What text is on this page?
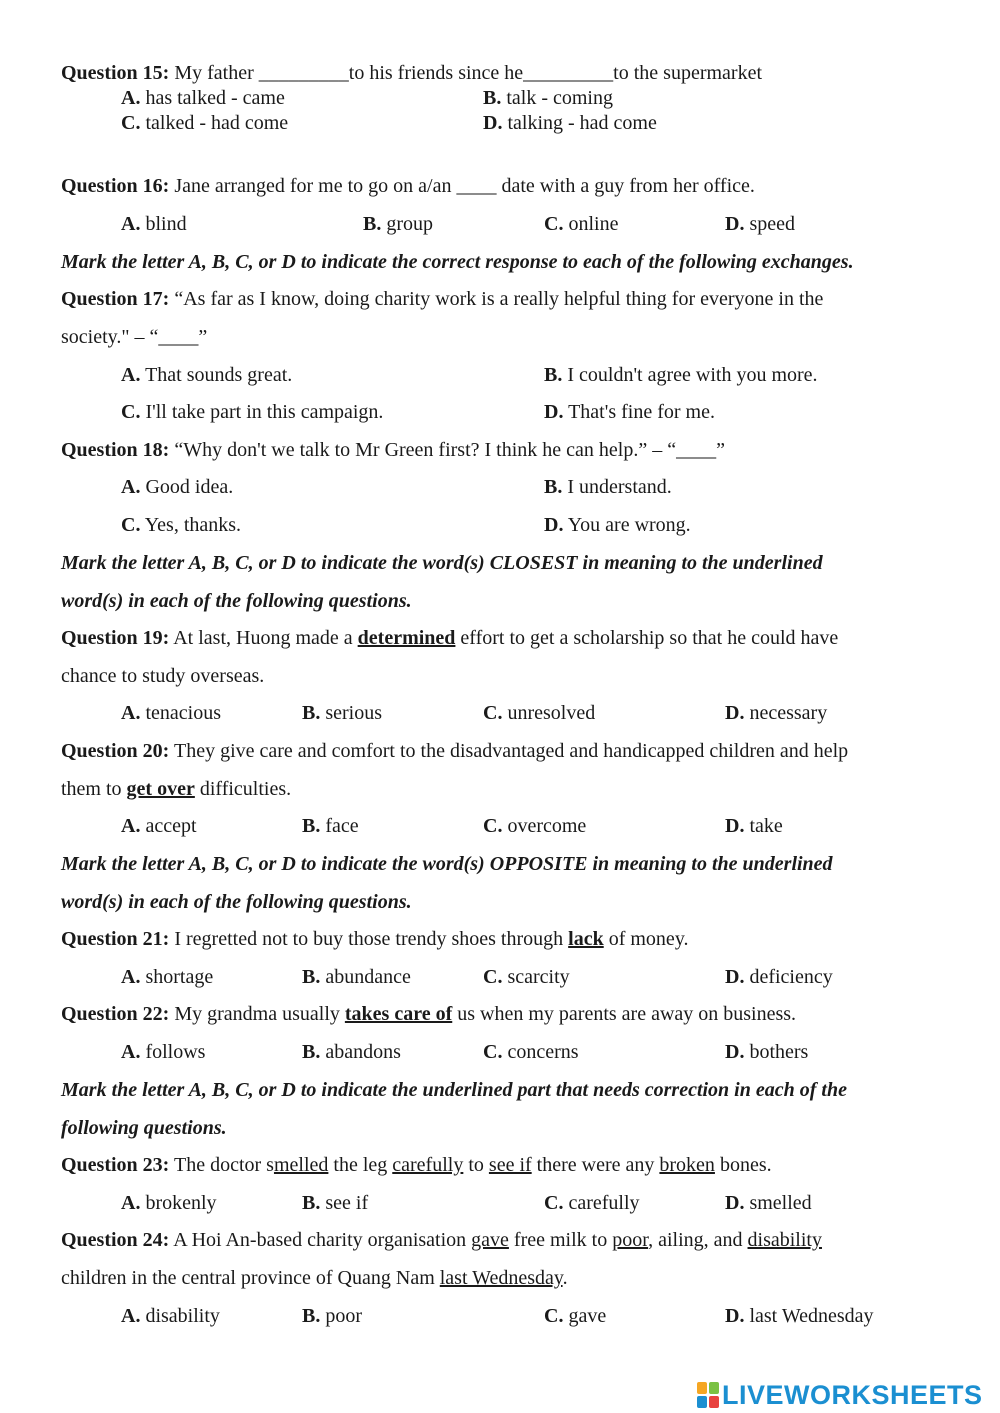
Question 15: My father _________to his friends since he_________to the supermarket
A. has talked - came	B. talk - coming
C. talked - had come	D. talking - had come
Question 16: Jane arranged for me to go on a/an ____ date with a guy from her office.
A. blind	B. group	C. online	D. speed
Mark the letter A, B, C, or D to indicate the correct response to each of the following exchanges.
Question 17: “As far as I know, doing charity work is a really helpful thing for everyone in the
society." – “____”
A. That sounds great.	B. I couldn't agree with you more.
C. I'll take part in this campaign.	D. That's fine for me.
Question 18: “Why don't we talk to Mr Green first? I think he can help.” – “____”
A. Good idea.	B. I understand.
C. Yes, thanks.	D. You are wrong.
Mark the letter A, B, C, or D to indicate the word(s) CLOSEST in meaning to the underlined
word(s) in each of the following questions.
Question 19: At last, Huong made a determined effort to get a scholarship so that he could have
chance to study overseas.
A. tenacious	B. serious	C. unresolved	D. necessary
Question 20: They give care and comfort to the disadvantaged and handicapped children and help
them to get over difficulties.
A. accept	B. face	C. overcome	D. take
Mark the letter A, B, C, or D to indicate the word(s) OPPOSITE in meaning to the underlined
word(s) in each of the following questions.
Question 21: I regretted not to buy those trendy shoes through lack of money.
A. shortage	B. abundance	C. scarcity	D. deficiency
Question 22: My grandma usually takes care of us when my parents are away on business.
A. follows	B. abandons	C. concerns	D. bothers
Mark the letter A, B, C, or D to indicate the underlined part that needs correction in each of the
following questions.
Question 23: The doctor smelled the leg carefully to see if there were any broken bones.
A. brokenly	B. see if	C. carefully	D. smelled
Question 24: A Hoi An-based charity organisation gave free milk to poor, ailing, and disability
children in the central province of Quang Nam last Wednesday.
A. disability	B. poor	C. gave	D. last Wednesday
LIVEWORKSHEETS
